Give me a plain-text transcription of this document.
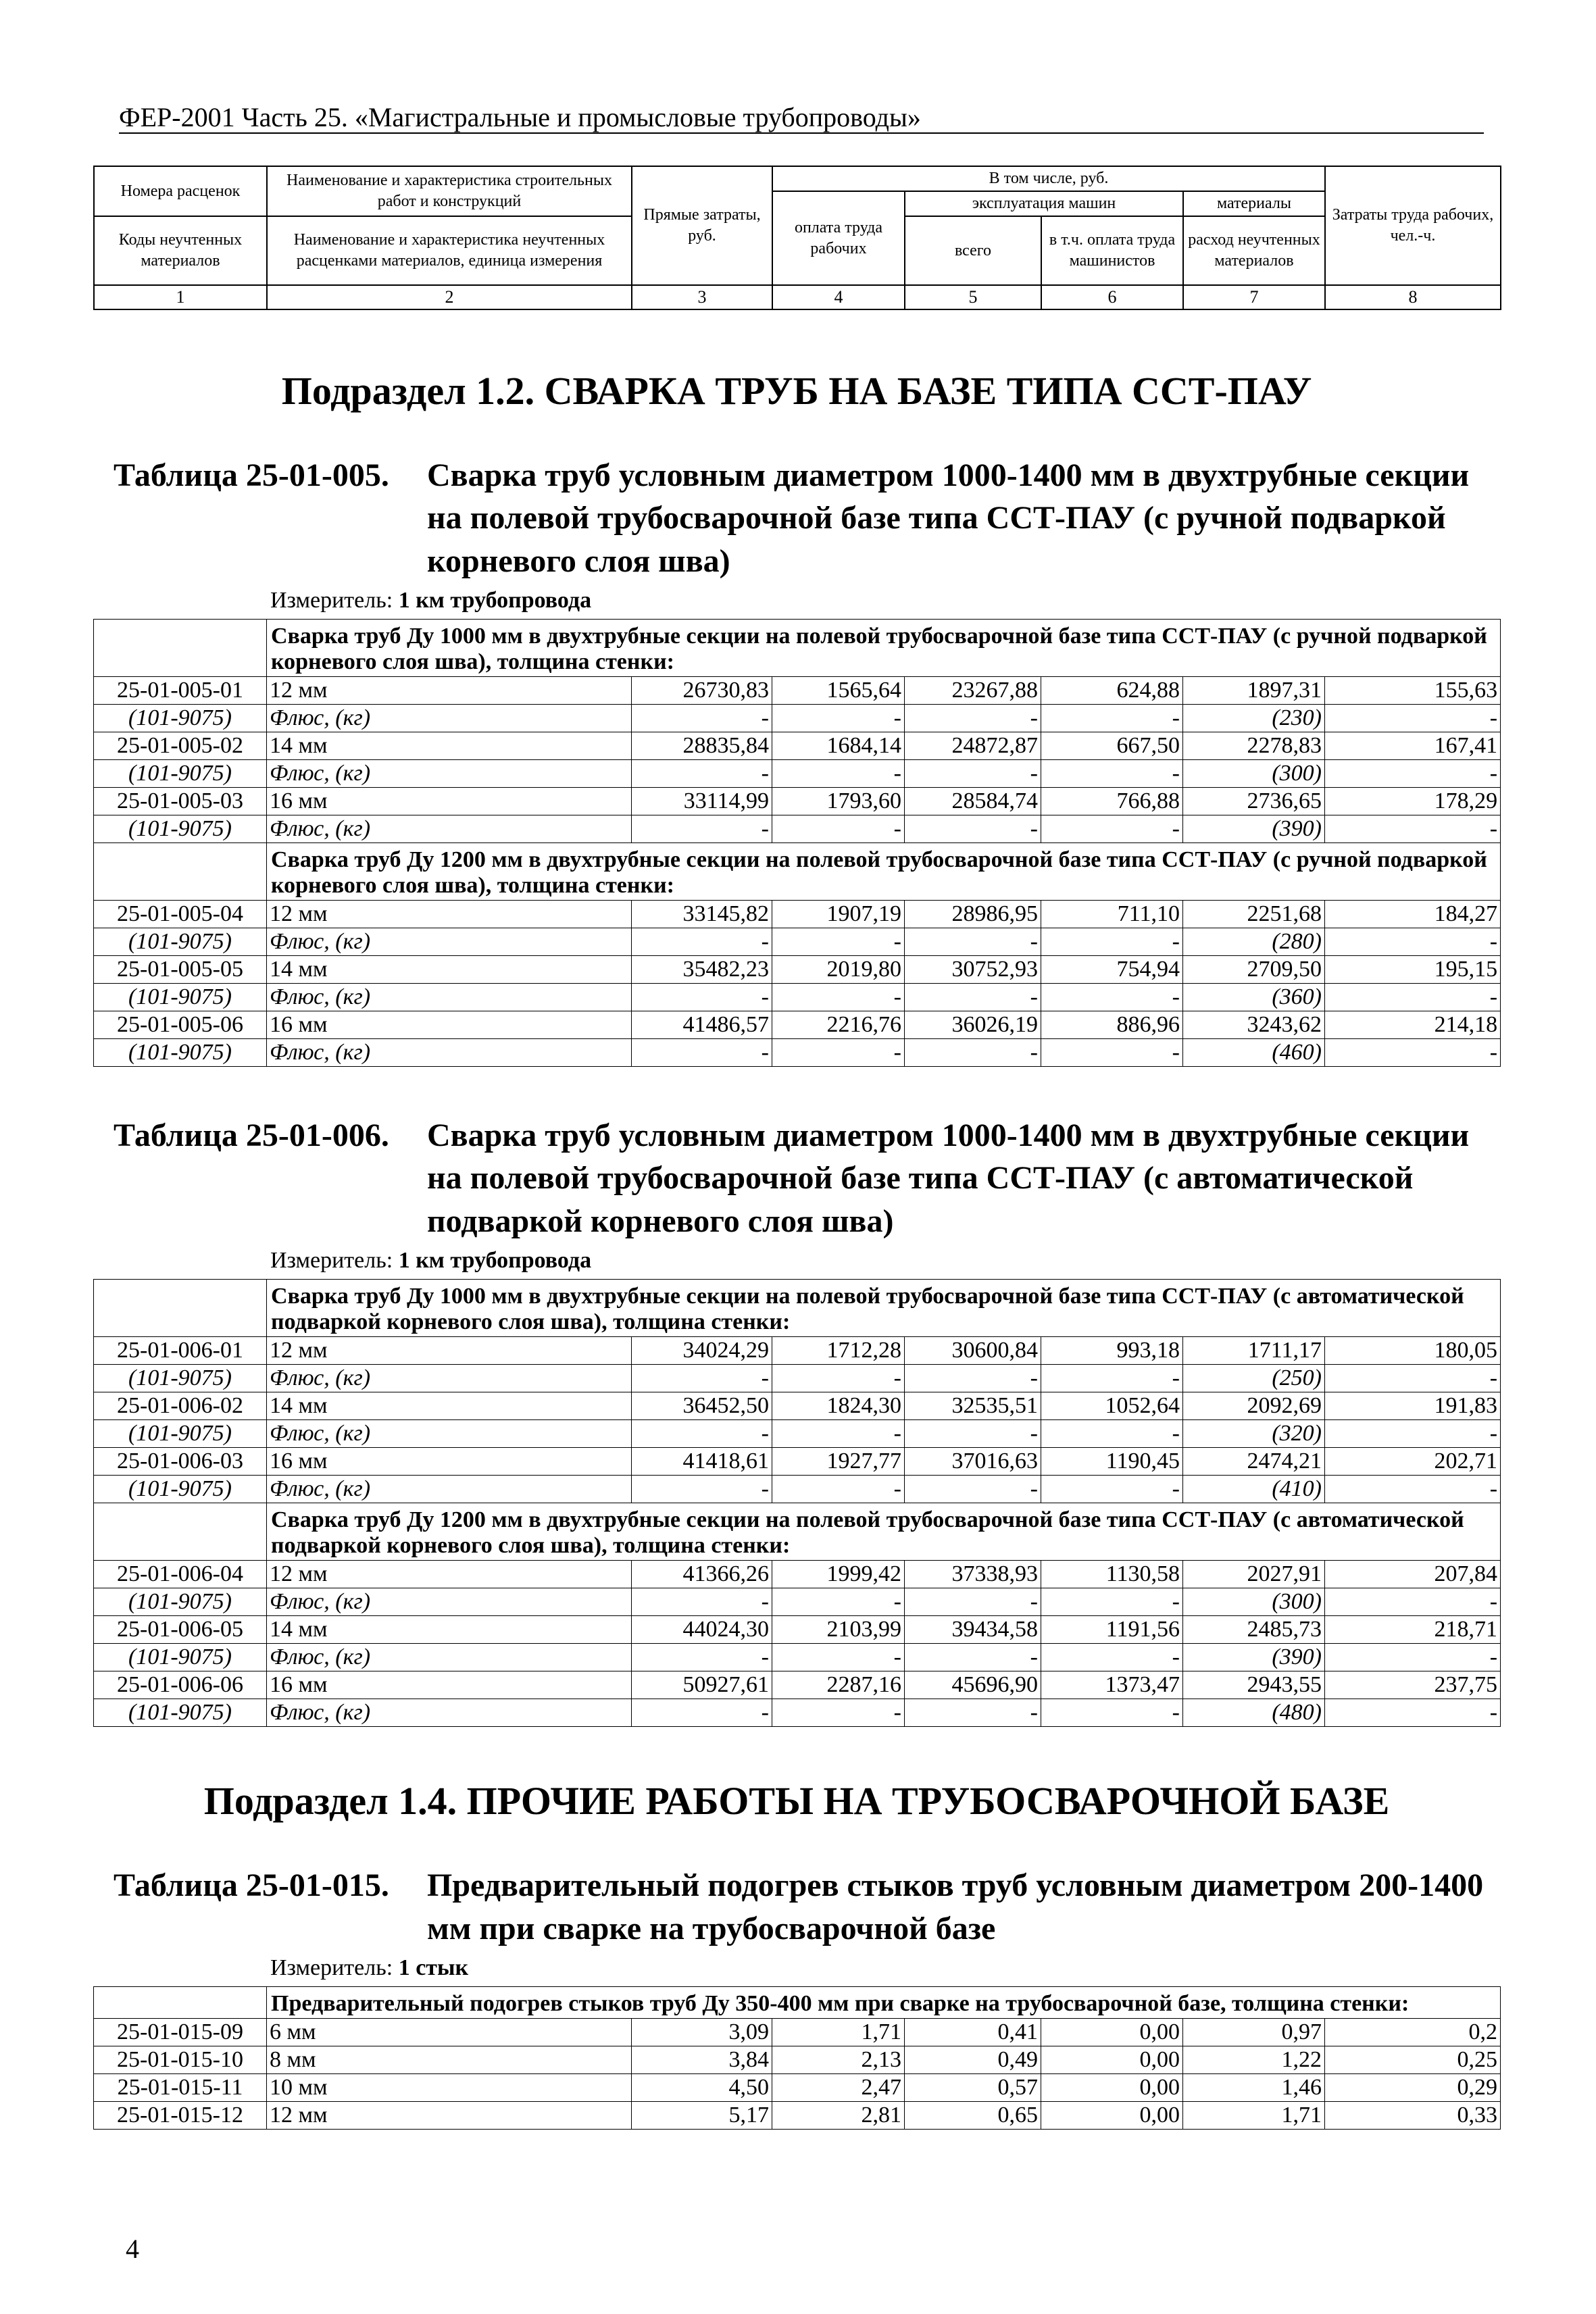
ФЕР-2001 Часть 25. «Магистральные и промысловые трубопроводы»
Номера расценок	Наименование и характеристика строительных работ и конструкций	Прямые затраты, руб.	В том числе, руб.				Затраты труда рабочих, чел.-ч.
			оплата труда рабочих	эксплуатация машин		материалы	
Коды неучтенных материалов	Наименование и характеристика неучтенных расценками материалов, единица измерения			всего	в т.ч. оплата труда машинистов	расход неучтенных материалов	

1	2	3	4	5	6	7	8
Подраздел 1.2. СВАРКА ТРУБ НА БАЗЕ ТИПА ССТ-ПАУ
Таблица 25-01-005. Сварка труб условным диаметром 1000-1400 мм в двухтрубные секции на полевой трубосварочной базе типа ССТ-ПАУ (с ручной подваркой корневого слоя шва)
Измеритель: 1 км трубопровода
	Сварка труб Ду 1000 мм в двухтрубные секции на полевой трубосварочной базе типа ССТ-ПАУ (с ручной подваркой корневого слоя шва), толщина стенки:						
25-01-005-01	12 мм	26730,83	1565,64	23267,88	624,88	1897,31	155,63
(101-9075)	Флюс, (кг)	-	-	-	-	(230)	-
25-01-005-02	14 мм	28835,84	1684,14	24872,87	667,50	2278,83	167,41
(101-9075)	Флюс, (кг)	-	-	-	-	(300)	-
25-01-005-03	16 мм	33114,99	1793,60	28584,74	766,88	2736,65	178,29
(101-9075)	Флюс, (кг)	-	-	-	-	(390)	-
	Сварка труб Ду 1200 мм в двухтрубные секции на полевой трубосварочной базе типа ССТ-ПАУ (с ручной подваркой корневого слоя шва), толщина стенки:						
25-01-005-04	12 мм	33145,82	1907,19	28986,95	711,10	2251,68	184,27
(101-9075)	Флюс, (кг)	-	-	-	-	(280)	-
25-01-005-05	14 мм	35482,23	2019,80	30752,93	754,94	2709,50	195,15
(101-9075)	Флюс, (кг)	-	-	-	-	(360)	-
25-01-005-06	16 мм	41486,57	2216,76	36026,19	886,96	3243,62	214,18
(101-9075)	Флюс, (кг)	-	-	-	-	(460)	-
Таблица 25-01-006. Сварка труб условным диаметром 1000-1400 мм в двухтрубные секции на полевой трубосварочной базе типа ССТ-ПАУ (с автоматической подваркой корневого слоя шва)
Измеритель: 1 км трубопровода
	Сварка труб Ду 1000 мм в двухтрубные секции на полевой трубосварочной базе типа ССТ-ПАУ (с автоматической подваркой корневого слоя шва), толщина стенки:						
25-01-006-01	12 мм	34024,29	1712,28	30600,84	993,18	1711,17	180,05
(101-9075)	Флюс, (кг)	-	-	-	-	(250)	-
25-01-006-02	14 мм	36452,50	1824,30	32535,51	1052,64	2092,69	191,83
(101-9075)	Флюс, (кг)	-	-	-	-	(320)	-
25-01-006-03	16 мм	41418,61	1927,77	37016,63	1190,45	2474,21	202,71
(101-9075)	Флюс, (кг)	-	-	-	-	(410)	-
	Сварка труб Ду 1200 мм в двухтрубные секции на полевой трубосварочной базе типа ССТ-ПАУ (с автоматической подваркой корневого слоя шва), толщина стенки:						
25-01-006-04	12 мм	41366,26	1999,42	37338,93	1130,58	2027,91	207,84
(101-9075)	Флюс, (кг)	-	-	-	-	(300)	-
25-01-006-05	14 мм	44024,30	2103,99	39434,58	1191,56	2485,73	218,71
(101-9075)	Флюс, (кг)	-	-	-	-	(390)	-
25-01-006-06	16 мм	50927,61	2287,16	45696,90	1373,47	2943,55	237,75
(101-9075)	Флюс, (кг)	-	-	-	-	(480)	-
Подраздел 1.4. ПРОЧИЕ РАБОТЫ НА ТРУБОСВАРОЧНОЙ БАЗЕ
Таблица 25-01-015. Предварительный подогрев стыков труб условным диаметром 200-1400 мм при сварке на трубосварочной базе
Измеритель: 1 стык
	Предварительный подогрев стыков труб Ду 350-400 мм при сварке на трубосварочной базе, толщина стенки:						
25-01-015-09	6 мм	3,09	1,71	0,41	0,00	0,97	0,2
25-01-015-10	8 мм	3,84	2,13	0,49	0,00	1,22	0,25
25-01-015-11	10 мм	4,50	2,47	0,57	0,00	1,46	0,29
25-01-015-12	12 мм	5,17	2,81	0,65	0,00	1,71	0,33
4
